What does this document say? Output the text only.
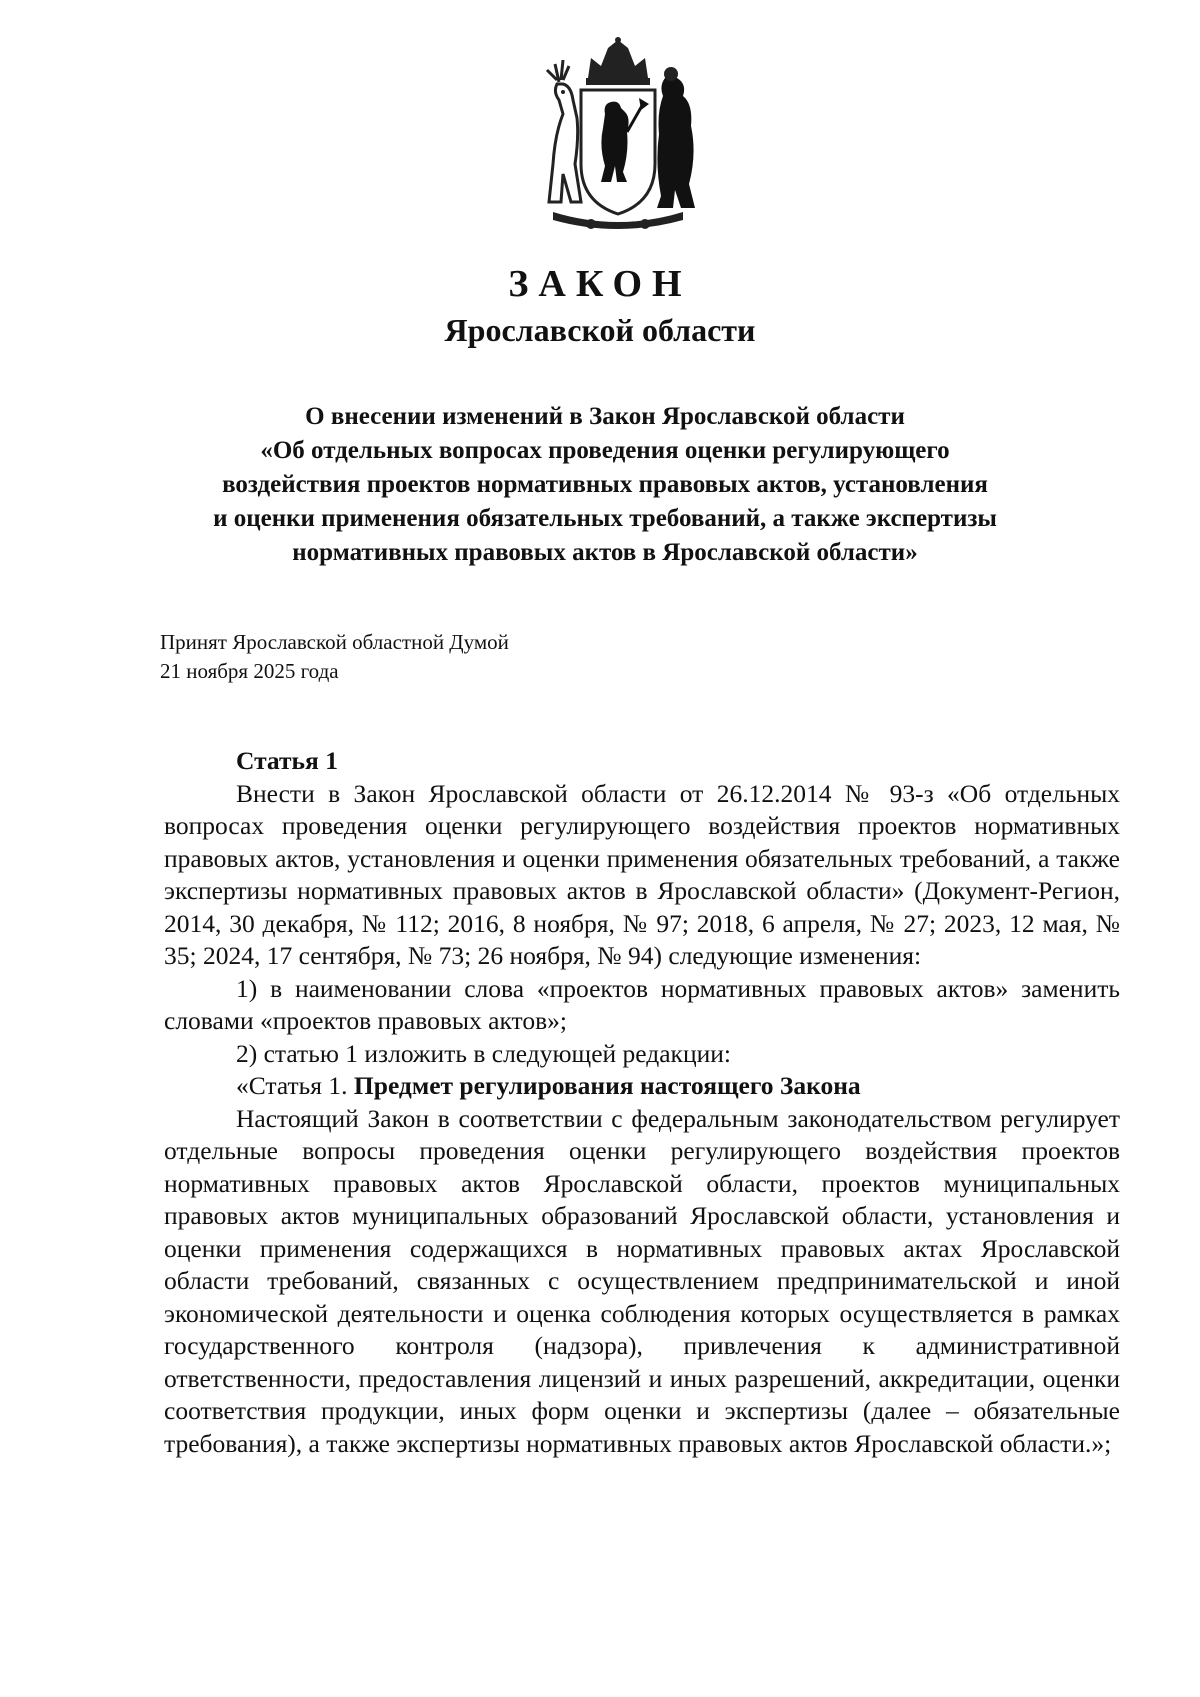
ЗАКОН
Ярославской области
О внесении изменений в Закон Ярославской области
«Об отдельных вопросах проведения оценки регулирующего
воздействия проектов нормативных правовых актов, установления
и оценки применения обязательных требований, а также экспертизы
нормативных правовых актов в Ярославской области»
Принят Ярославской областной Думой
21 ноября 2025 года

Статья 1

Внести в Закон Ярославской области от 26.12.2014 № 93-з «Об отдельных вопросах проведения оценки регулирующего воздействия проектов нормативных правовых актов, установления и оценки применения обязательных требований, а также экспертизы нормативных правовых актов в Ярославской области» (Документ-Регион, 2014, 30 декабря, № 112; 2016, 8 ноября, № 97; 2018, 6 апреля, № 27; 2023, 12 мая, № 35; 2024, 17 сентября, № 73; 26 ноября, № 94) следующие изменения:

1) в наименовании слова «проектов нормативных правовых актов» заменить словами «проектов правовых актов»;

2) статью 1 изложить в следующей редакции:

«Статья 1. Предмет регулирования настоящего Закона

Настоящий Закон в соответствии с федеральным законодательством регулирует отдельные вопросы проведения оценки регулирующего воздействия проектов нормативных правовых актов Ярославской области, проектов муниципальных правовых актов муниципальных образований Ярославской области, установления и оценки применения содержащихся в нормативных правовых актах Ярославской области требований, связанных с осуществлением предпринимательской и иной экономической деятельности и оценка соблюдения которых осуществляется в рамках государственного контроля (надзора), привлечения к административной ответственности, предоставления лицензий и иных разрешений, аккредитации, оценки соответствия продукции, иных форм оценки и экспертизы (далее – обязательные требования), а также экспертизы нормативных правовых актов Ярославской области.»;
